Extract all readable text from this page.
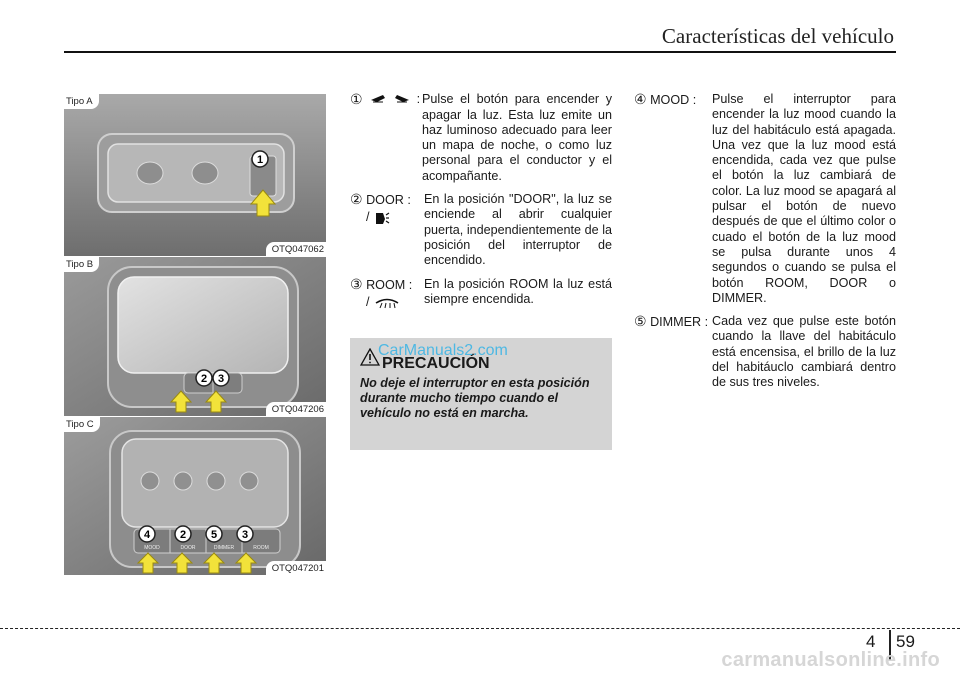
Características del vehículo
1
Tipo A
OTQ047062
2 3
Tipo B
OTQ047206
MOOD	DOOR	DIMMER	ROOM
4	2 5 3
Tipo C
OTQ047201
①	: Pulse el botón para encender y apagar la luz. Esta luz emite un haz luminoso adecuado para leer un mapa de noche, o como luz personal para el conductor y el acompañante.
② DOOR :
/
En la posición "DOOR", la luz se enciende al abrir cualquier puerta, independientemente de la posición del interruptor de encendido.
③ ROOM :
/
En la posición ROOM la luz está siempre encendida.
PRECAUCIÓN
No deje el interruptor en esta posición durante mucho tiempo cuando el vehículo no está en marcha.
CarManuals2.com
④ MOOD :	Pulse el interruptor para encender la luz mood cuando la luz del habitáculo está apagada. Una vez que la luz mood está encendida, cada vez que pulse el botón la luz cambiará de color. La luz mood se apagará al pulsar el botón de nuevo después de que el último color o cuado el botón de la luz mood se pulsa durante unos 4 segundos o cuando se pulsa el botón ROOM, DOOR o DIMMER.
⑤ DIMMER : Cada vez que pulse este botón cuando la llave del habitáculo está encensisa, el brillo de la luz del habitáuclo cambiará dentro de sus tres niveles.
4 59
carmanualsonline.info
